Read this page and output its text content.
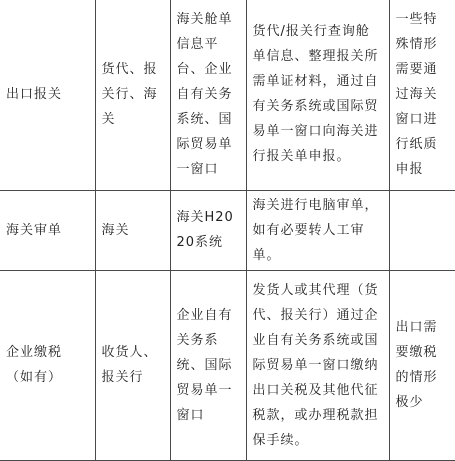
出口报关	货代、报关行、海关	海关舱单信息平台、企业自有关务系统、国际贸易单一窗口	货代/报关行查询舱单信息、整理报关所需单证材料，通过自有关务系统或国际贸易单一窗口向海关进行报关单申报。	一些特殊情形需要通过海关窗口进行纸质申报
海关审单	海关	海关H2020系统	海关进行电脑审单，如有必要转人工审单。	
企业缴税（如有）	收货人、报关行	企业自有关务系统、国际贸易单一窗口	发货人或其代理（货代、报关行）通过企业自有关务系统或国际贸易单一窗口缴纳出口关税及其他代征税款，或办理税款担保手续。	出口需要缴税的情形极少
